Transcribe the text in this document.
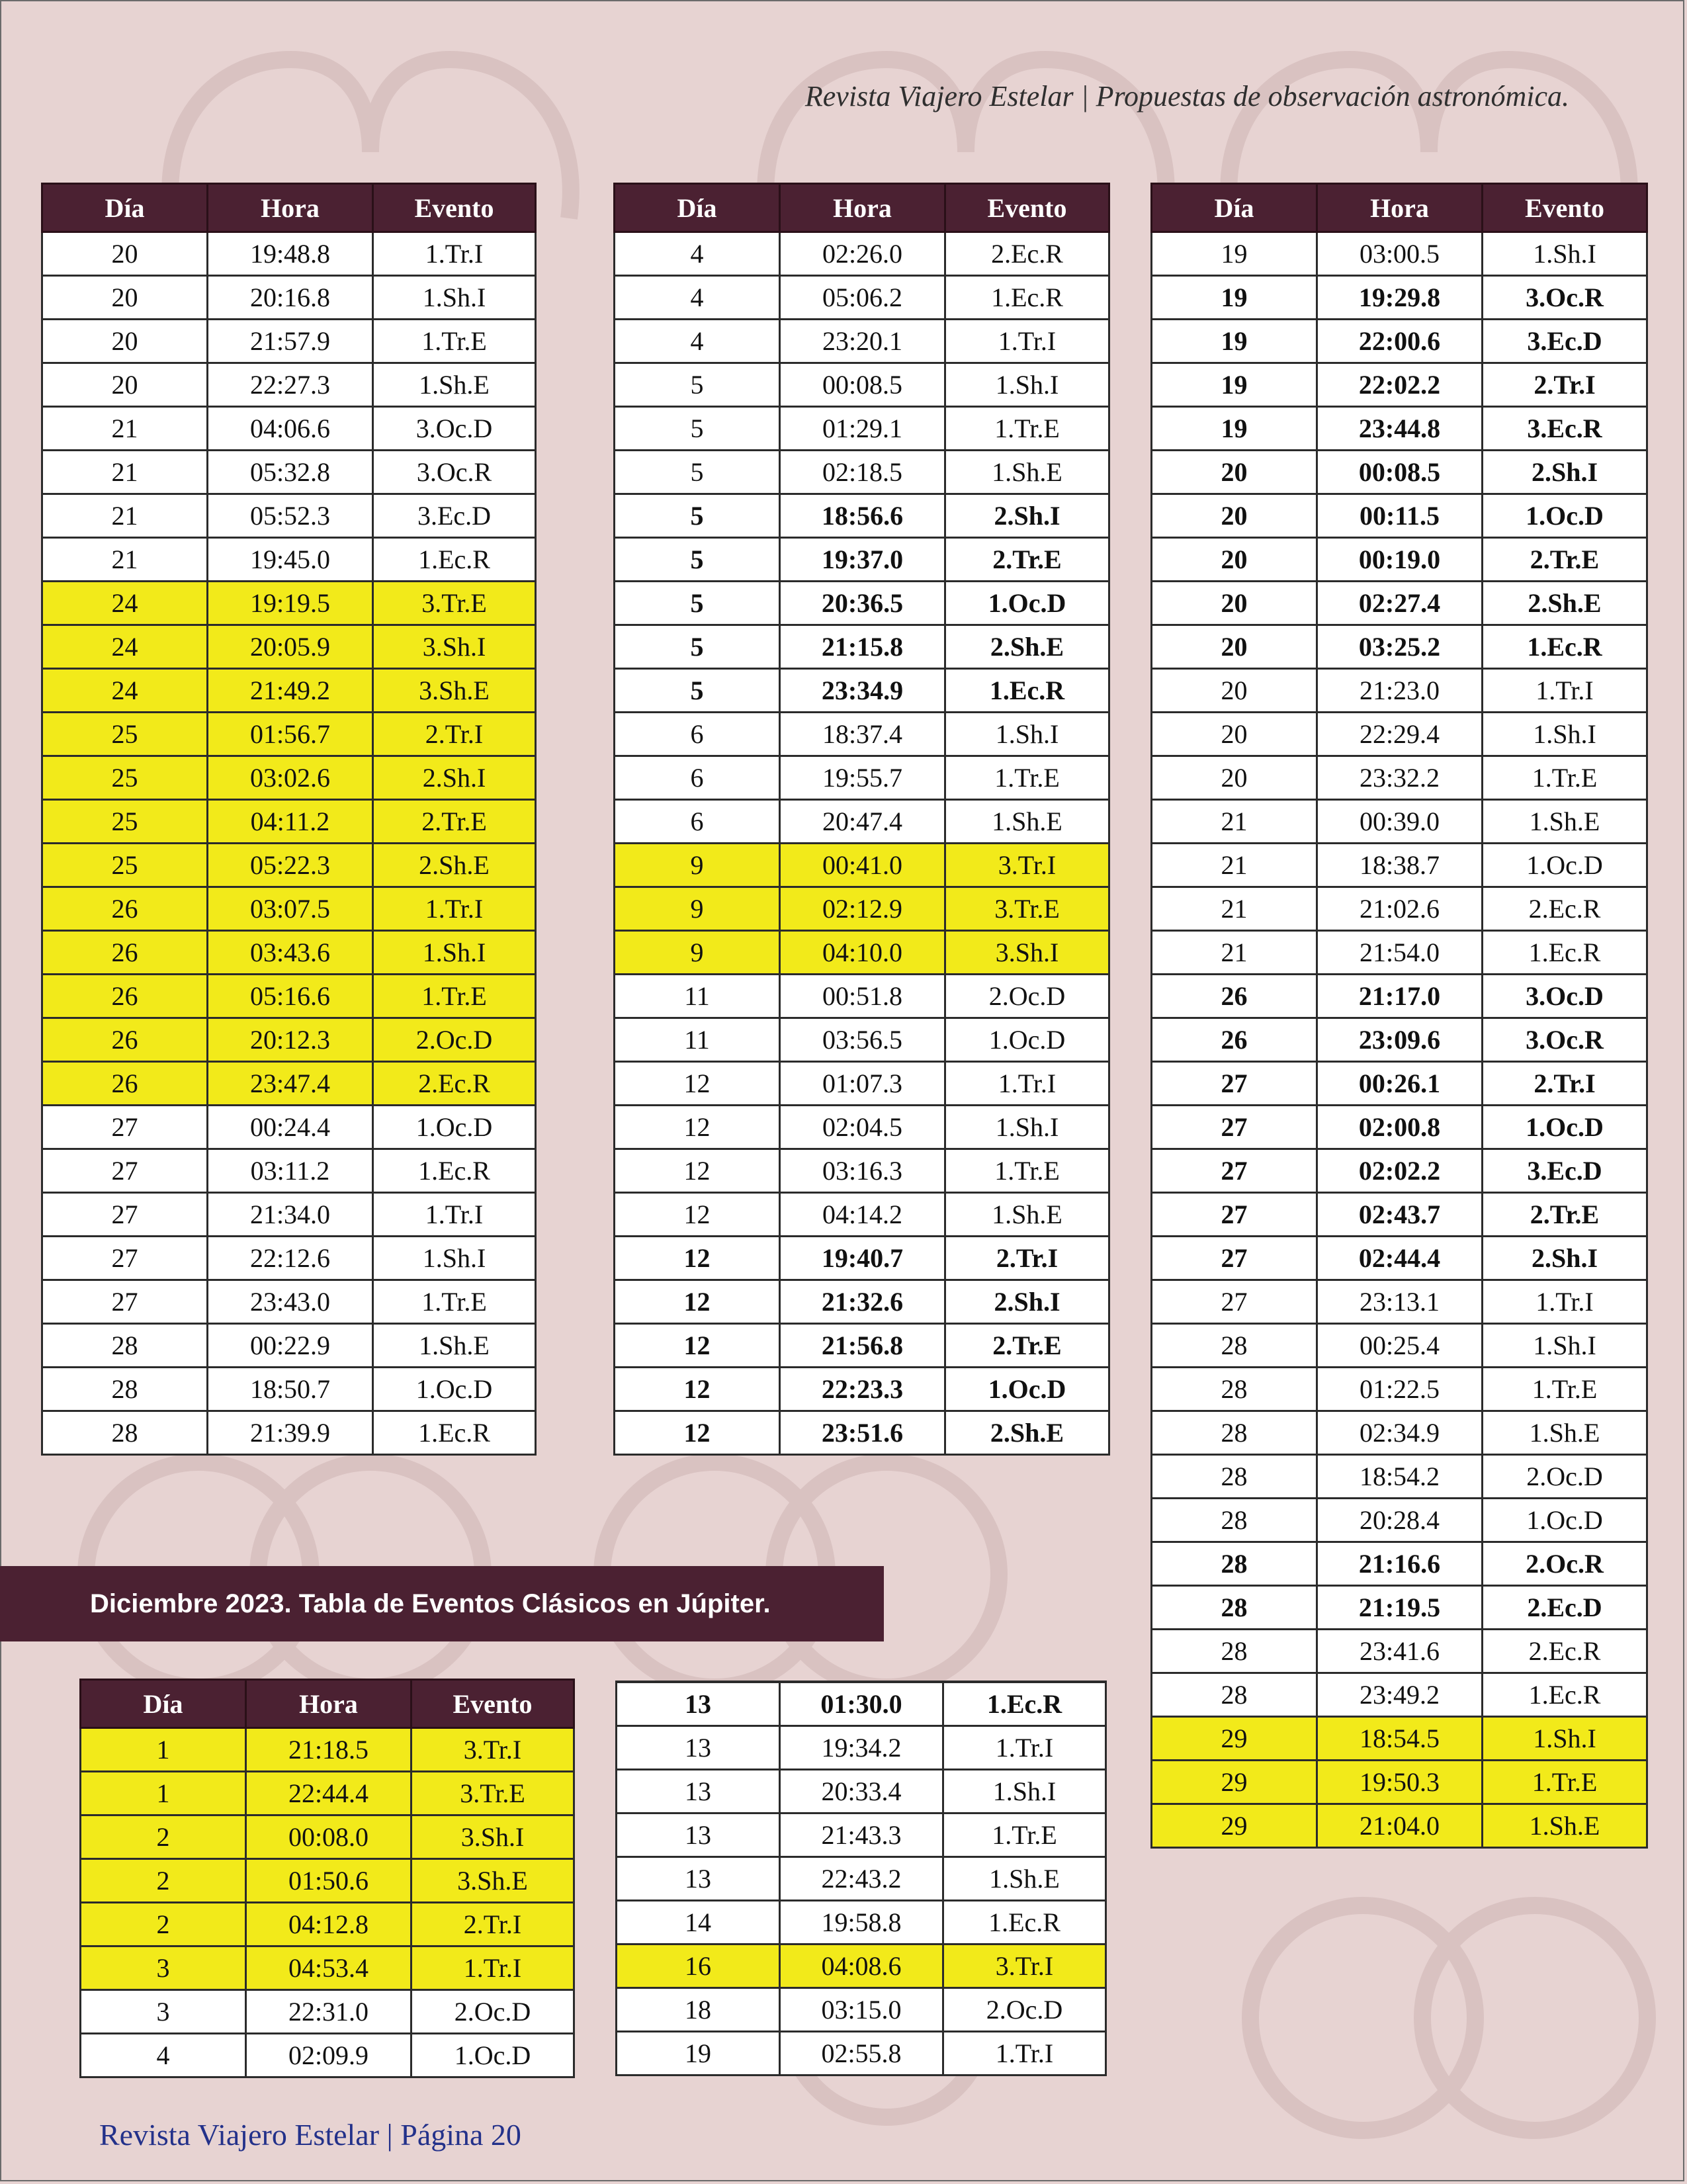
Revista Viajero Estelar | Propuestas de observación astronómica.
Día	Hora	Evento
20	19:48.8	1.Tr.I
20	20:16.8	1.Sh.I
20	21:57.9	1.Tr.E
20	22:27.3	1.Sh.E
21	04:06.6	3.Oc.D
21	05:32.8	3.Oc.R
21	05:52.3	3.Ec.D
21	19:45.0	1.Ec.R
24	19:19.5	3.Tr.E
24	20:05.9	3.Sh.I
24	21:49.2	3.Sh.E
25	01:56.7	2.Tr.I
25	03:02.6	2.Sh.I
25	04:11.2	2.Tr.E
25	05:22.3	2.Sh.E
26	03:07.5	1.Tr.I
26	03:43.6	1.Sh.I
26	05:16.6	1.Tr.E
26	20:12.3	2.Oc.D
26	23:47.4	2.Ec.R
27	00:24.4	1.Oc.D
27	03:11.2	1.Ec.R
27	21:34.0	1.Tr.I
27	22:12.6	1.Sh.I
27	23:43.0	1.Tr.E
28	00:22.9	1.Sh.E
28	18:50.7	1.Oc.D
28	21:39.9	1.Ec.R
Día	Hora	Evento
4	02:26.0	2.Ec.R
4	05:06.2	1.Ec.R
4	23:20.1	1.Tr.I
5	00:08.5	1.Sh.I
5	01:29.1	1.Tr.E
5	02:18.5	1.Sh.E
5	18:56.6	2.Sh.I
5	19:37.0	2.Tr.E
5	20:36.5	1.Oc.D
5	21:15.8	2.Sh.E
5	23:34.9	1.Ec.R
6	18:37.4	1.Sh.I
6	19:55.7	1.Tr.E
6	20:47.4	1.Sh.E
9	00:41.0	3.Tr.I
9	02:12.9	3.Tr.E
9	04:10.0	3.Sh.I
11	00:51.8	2.Oc.D
11	03:56.5	1.Oc.D
12	01:07.3	1.Tr.I
12	02:04.5	1.Sh.I
12	03:16.3	1.Tr.E
12	04:14.2	1.Sh.E
12	19:40.7	2.Tr.I
12	21:32.6	2.Sh.I
12	21:56.8	2.Tr.E
12	22:23.3	1.Oc.D
12	23:51.6	2.Sh.E
Día	Hora	Evento
19	03:00.5	1.Sh.I
19	19:29.8	3.Oc.R
19	22:00.6	3.Ec.D
19	22:02.2	2.Tr.I
19	23:44.8	3.Ec.R
20	00:08.5	2.Sh.I
20	00:11.5	1.Oc.D
20	00:19.0	2.Tr.E
20	02:27.4	2.Sh.E
20	03:25.2	1.Ec.R
20	21:23.0	1.Tr.I
20	22:29.4	1.Sh.I
20	23:32.2	1.Tr.E
21	00:39.0	1.Sh.E
21	18:38.7	1.Oc.D
21	21:02.6	2.Ec.R
21	21:54.0	1.Ec.R
26	21:17.0	3.Oc.D
26	23:09.6	3.Oc.R
27	00:26.1	2.Tr.I
27	02:00.8	1.Oc.D
27	02:02.2	3.Ec.D
27	02:43.7	2.Tr.E
27	02:44.4	2.Sh.I
27	23:13.1	1.Tr.I
28	00:25.4	1.Sh.I
28	01:22.5	1.Tr.E
28	02:34.9	1.Sh.E
28	18:54.2	2.Oc.D
28	20:28.4	1.Oc.D
28	21:16.6	2.Oc.R
28	21:19.5	2.Ec.D
28	23:41.6	2.Ec.R
28	23:49.2	1.Ec.R
29	18:54.5	1.Sh.I
29	19:50.3	1.Tr.E
29	21:04.0	1.Sh.E
Diciembre 2023. Tabla de Eventos Clásicos en Júpiter.
Día	Hora	Evento
1	21:18.5	3.Tr.I
1	22:44.4	3.Tr.E
2	00:08.0	3.Sh.I
2	01:50.6	3.Sh.E
2	04:12.8	2.Tr.I
3	04:53.4	1.Tr.I
3	22:31.0	2.Oc.D
4	02:09.9	1.Oc.D
13	01:30.0	1.Ec.R
13	19:34.2	1.Tr.I
13	20:33.4	1.Sh.I
13	21:43.3	1.Tr.E
13	22:43.2	1.Sh.E
14	19:58.8	1.Ec.R
16	04:08.6	3.Tr.I
18	03:15.0	2.Oc.D
19	02:55.8	1.Tr.I
Revista Viajero Estelar | Página 20
